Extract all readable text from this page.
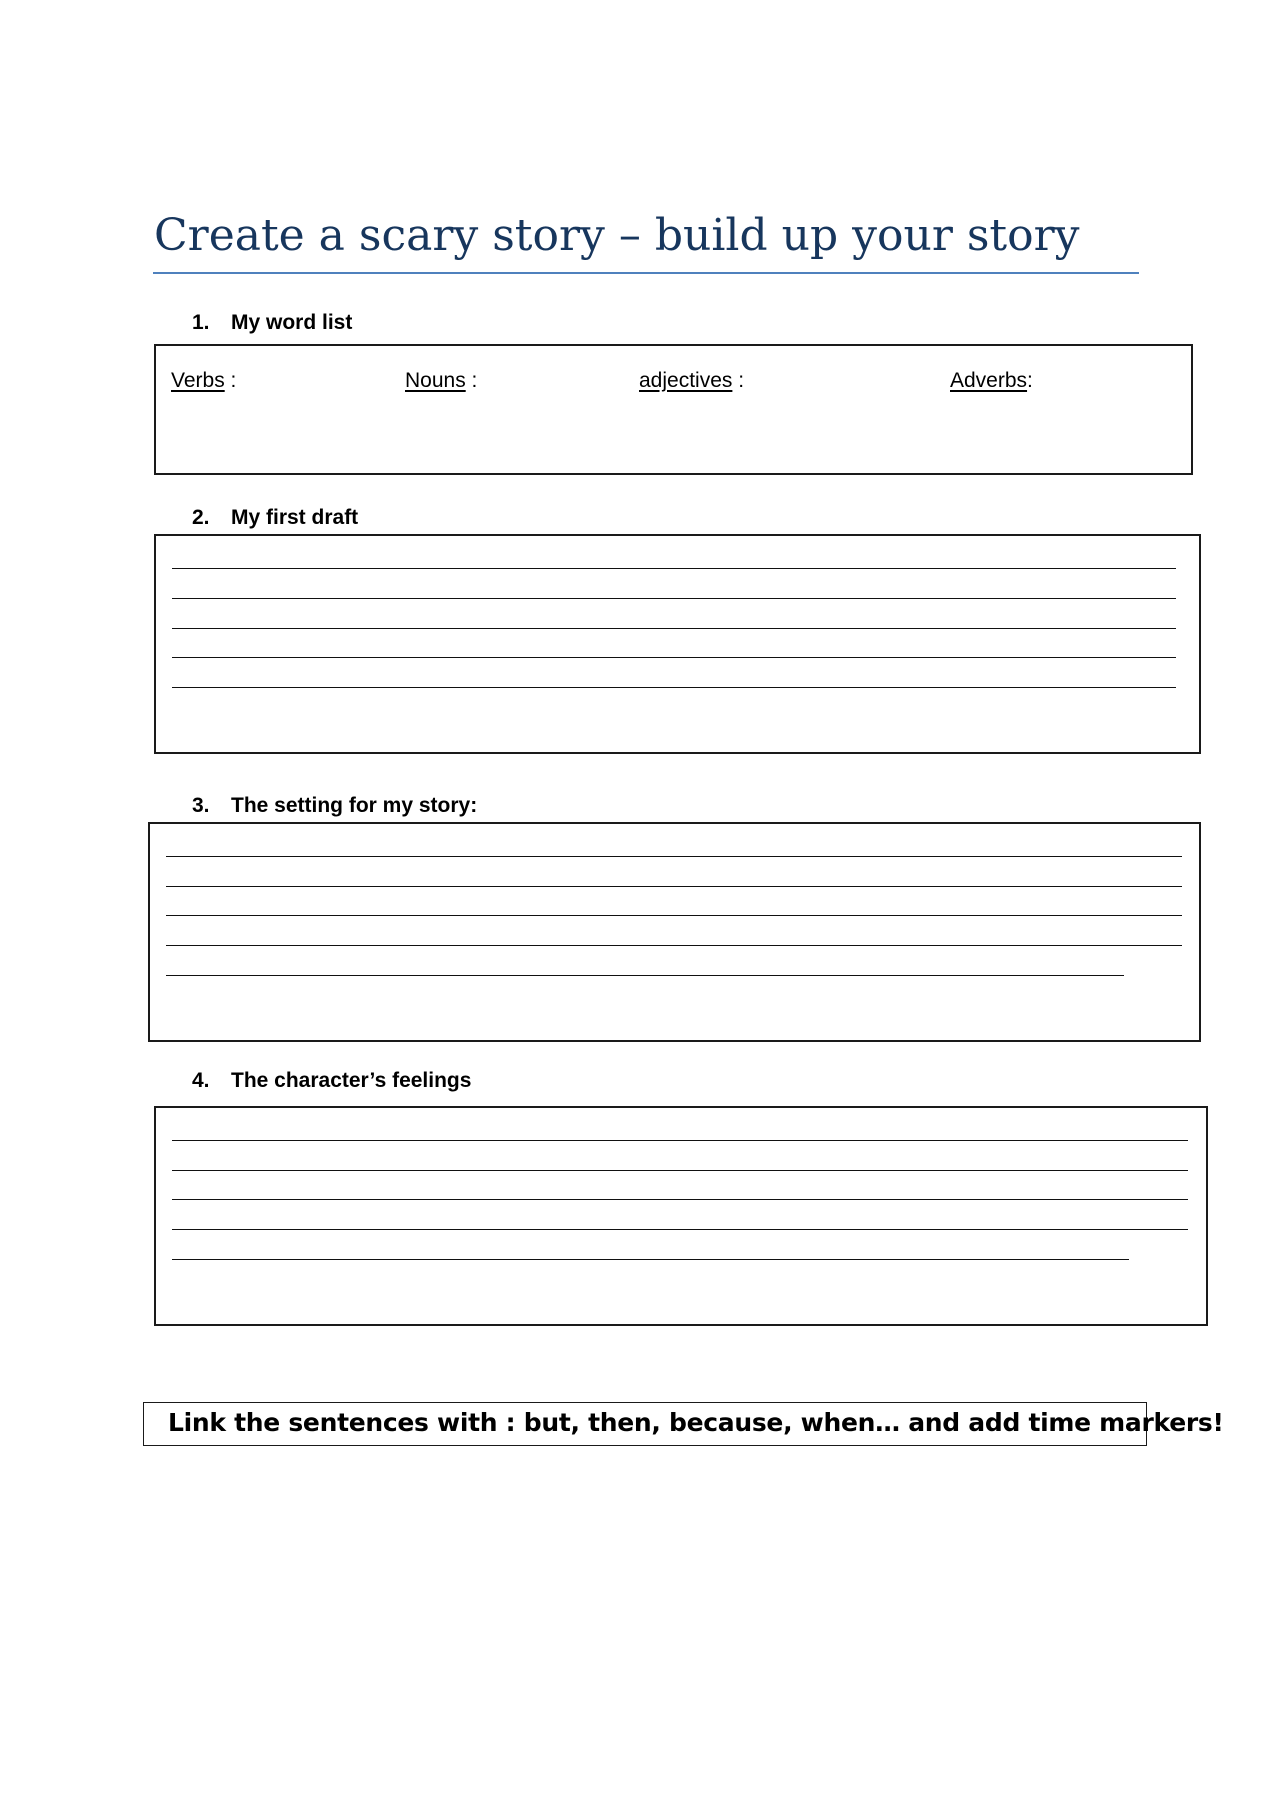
Create a scary story – build up your story
1. My word list
Verbs :	Nouns :	adjectives :	Adverbs:
2. My first draft
3. The setting for my story:
4. The character’s feelings
Link the sentences with : but, then, because, when… and add time markers!
